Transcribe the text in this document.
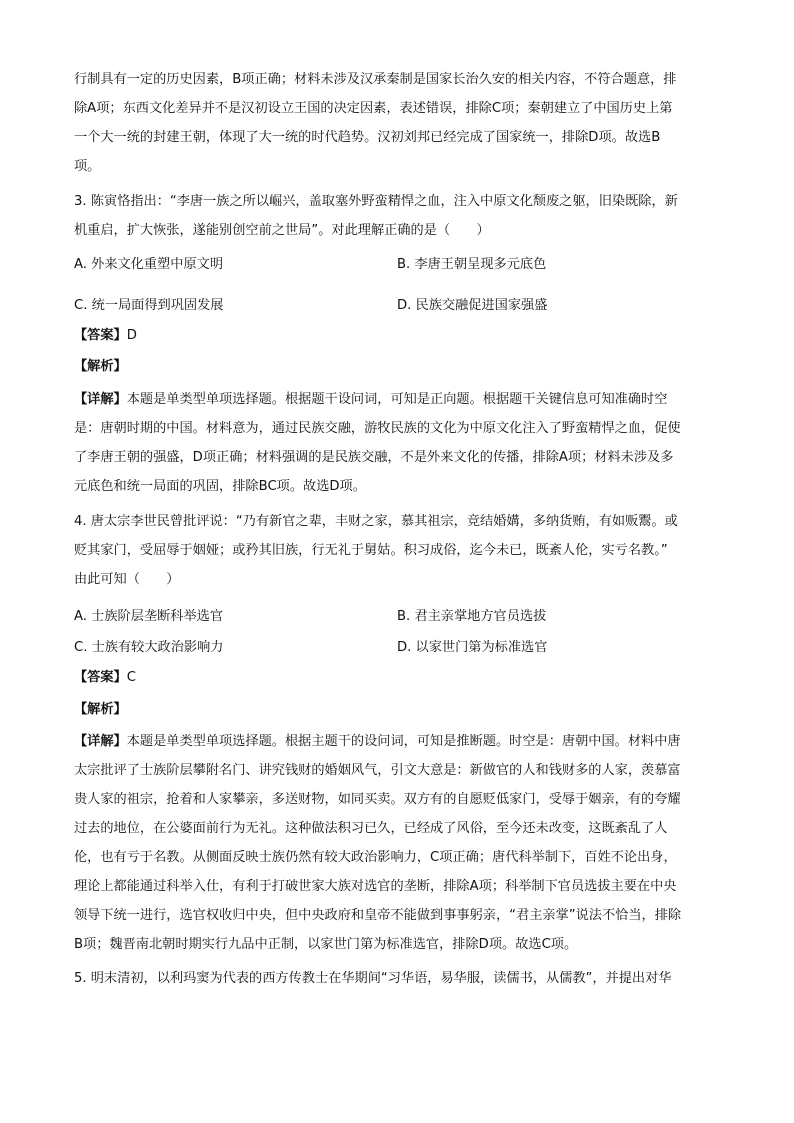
行制具有一定的历史因素，B项正确；材料未涉及汉承秦制是国家长治久安的相关内容，不符合题意，排
除A项；东西文化差异并不是汉初设立王国的决定因素，表述错误，排除C项；秦朝建立了中国历史上第
一个大一统的封建王朝，体现了大一统的时代趋势。汉初刘邦已经完成了国家统一，排除D项。故选B
项。
3. 陈寅恪指出：“李唐一族之所以崛兴，盖取塞外野蛮精悍之血，注入中原文化颓废之躯，旧染既除，新
机重启，扩大恢张，遂能别创空前之世局”。对此理解正确的是（　　）
A. 外来文化重塑中原文明	B. 李唐王朝呈现多元底色
C. 统一局面得到巩固发展	D. 民族交融促进国家强盛
【答案】D
【解析】
【详解】本题是单类型单项选择题。根据题干设问词，可知是正向题。根据题干关键信息可知准确时空
是：唐朝时期的中国。材料意为，通过民族交融，游牧民族的文化为中原文化注入了野蛮精悍之血，促使
了李唐王朝的强盛，D项正确；材料强调的是民族交融，不是外来文化的传播，排除A项；材料未涉及多
元底色和统一局面的巩固，排除BC项。故选D项。
4. 唐太宗李世民曾批评说：“乃有新官之辈，丰财之家，慕其祖宗，竞结婚媾，多纳货贿，有如贩鬻。或
贬其家门，受屈辱于姻娅；或矜其旧族，行无礼于舅姑。积习成俗，迄今未已，既紊人伦，实亏名教。”
由此可知（　　）
A. 士族阶层垄断科举选官	B. 君主亲掌地方官员选拔
C. 士族有较大政治影响力	D. 以家世门第为标准选官
【答案】C
【解析】
【详解】本题是单类型单项选择题。根据主题干的设问词，可知是推断题。时空是：唐朝中国。材料中唐
太宗批评了士族阶层攀附名门、讲究钱财的婚姻风气，引文大意是：新做官的人和钱财多的人家，羡慕富
贵人家的祖宗，抢着和人家攀亲，多送财物，如同买卖。双方有的自愿贬低家门，受辱于姻亲，有的夸耀
过去的地位，在公婆面前行为无礼。这种做法积习已久，已经成了风俗，至今还未改变，这既紊乱了人
伦，也有亏于名教。从侧面反映士族仍然有较大政治影响力，C项正确；唐代科举制下，百姓不论出身，
理论上都能通过科举入仕，有利于打破世家大族对选官的垄断，排除A项；科举制下官员选拔主要在中央
领导下统一进行，选官权收归中央，但中央政府和皇帝不能做到事事躬亲，“君主亲掌”说法不恰当，排除
B项；魏晋南北朝时期实行九品中正制，以家世门第为标准选官，排除D项。故选C项。
5. 明末清初，以利玛窦为代表的西方传教士在华期间“习华语，易华服，读儒书，从儒教”，并提出对华
